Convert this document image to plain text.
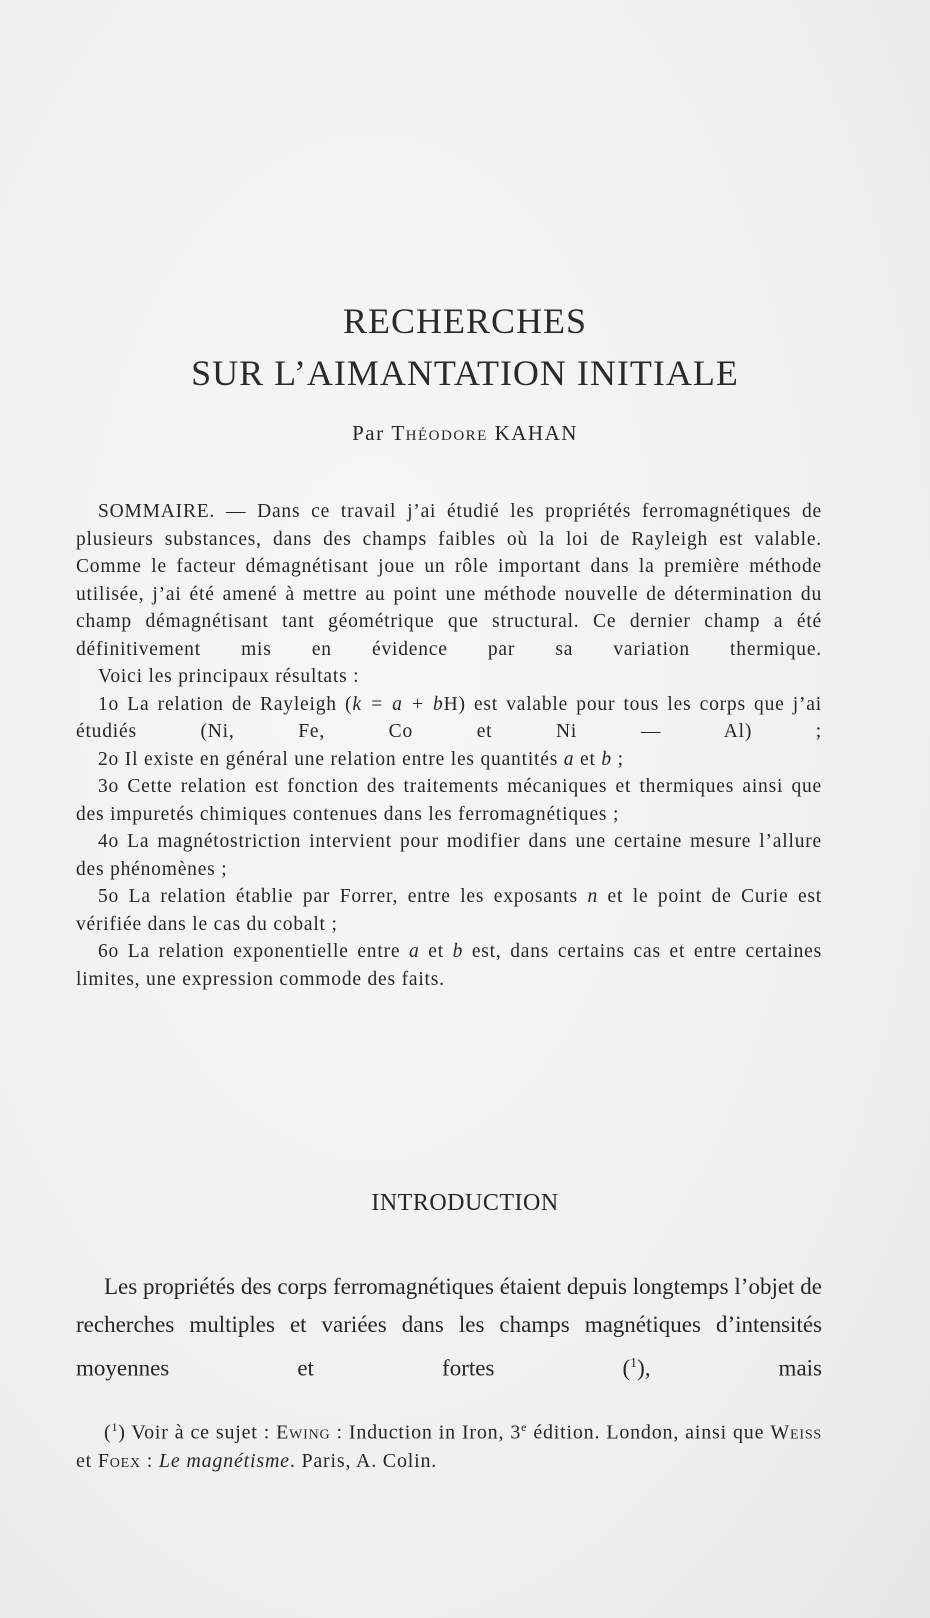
RECHERCHES
SUR L’AIMANTATION INITIALE
Par Théodore KAHAN

SOMMAIRE. — Dans ce travail j’ai étudié les propriétés ferromagnétiques de plusieurs substances, dans des champs faibles où la loi de Rayleigh est valable. Comme le facteur démagnétisant joue un rôle important dans la première méthode utilisée, j’ai été amené à mettre au point une méthode nouvelle de détermination du champ démagnétisant tant géométrique que structural. Ce dernier champ a été définitivement mis en évidence par sa variation thermique.

Voici les principaux résultats :

1o La relation de Rayleigh (k = a + bH) est valable pour tous les corps que j’ai étudiés (Ni, Fe, Co et Ni — Al) ;

2o Il existe en général une relation entre les quantités a et b ;

3o Cette relation est fonction des traitements mécaniques et thermiques ainsi que des impuretés chimiques contenues dans les ferromagnétiques ;

4o La magnétostriction intervient pour modifier dans une certaine mesure l’allure des phénomènes ;

5o La relation établie par Forrer, entre les exposants n et le point de Curie est vérifiée dans le cas du cobalt ;

6o La relation exponentielle entre a et b est, dans certains cas et entre certaines limites, une expression commode des faits.

INTRODUCTION

Les propriétés des corps ferromagnétiques étaient depuis longtemps l’objet de recherches multiples et variées dans les champs magnétiques d’intensités moyennes et fortes ($^1$), mais

($^1$) Voir à ce sujet : Ewing : Induction in Iron, 3e édition. London, ainsi que Weiss et Foex : Le magnétisme. Paris, A. Colin.
